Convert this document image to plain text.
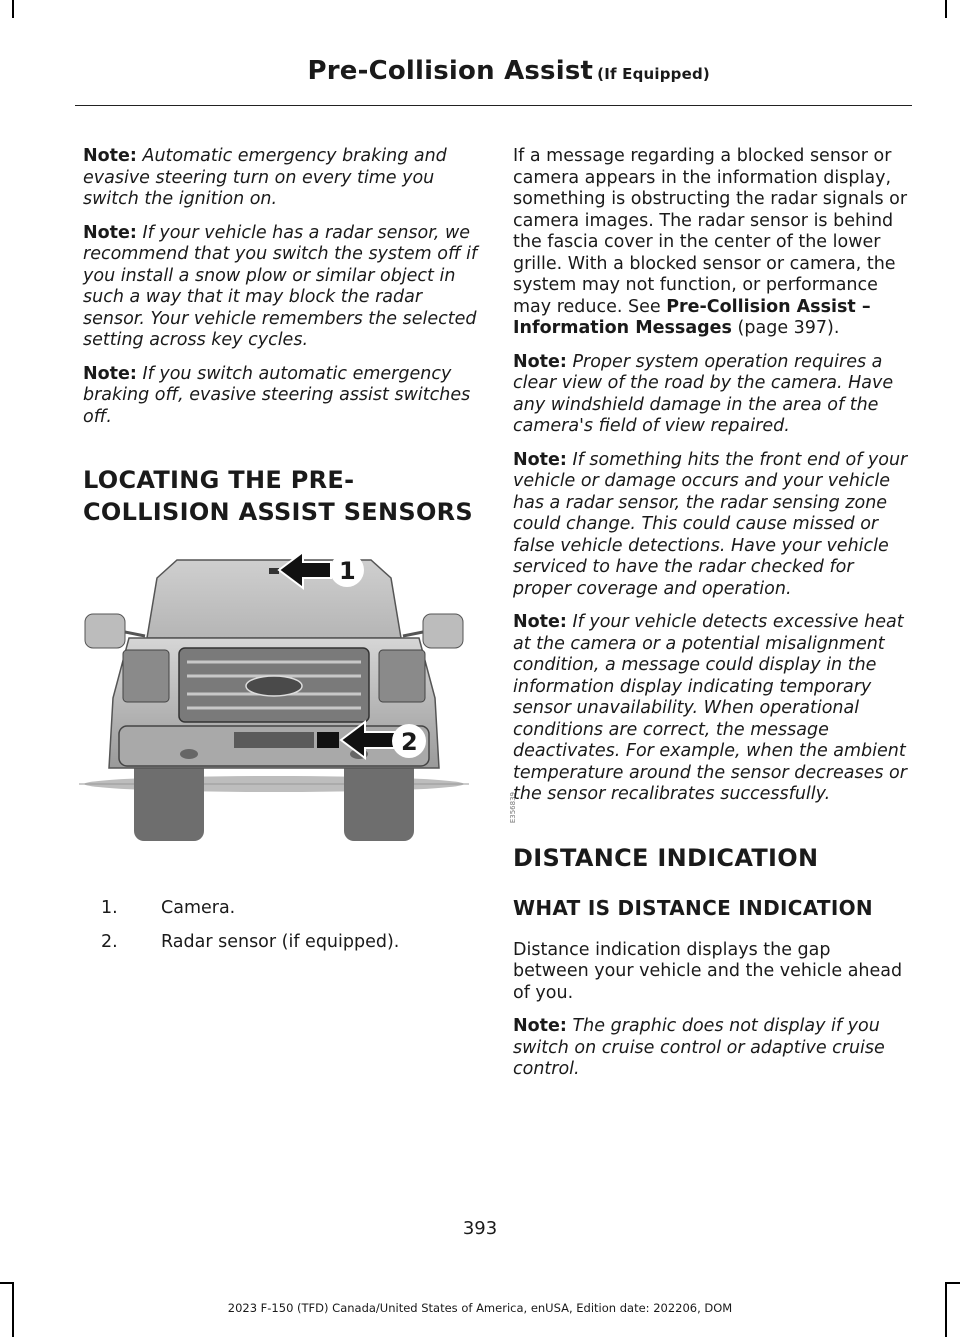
Pre-Collision Assist (If Equipped)

Note: Automatic emergency braking and evasive steering turn on every time you switch the ignition on.

Note: If your vehicle has a radar sensor, we recommend that you switch the system off if you install a snow plow or similar object in such a way that it may block the radar sensor. Your vehicle remembers the selected setting across key cycles.

Note: If you switch automatic emergency braking off, evasive steering assist switches off.

LOCATING THE PRE-COLLISION ASSIST SENSORS
1
2
E356839
1.	Camera.
2.	Radar sensor (if equipped).

If a message regarding a blocked sensor or camera appears in the information display, something is obstructing the radar signals or camera images. The radar sensor is behind the fascia cover in the center of the lower grille. With a blocked sensor or camera, the system may not function, or performance may reduce. See Pre-Collision Assist – Information Messages (page 397).

Note: Proper system operation requires a clear view of the road by the camera. Have any windshield damage in the area of the camera's field of view repaired.

Note: If something hits the front end of your vehicle or damage occurs and your vehicle has a radar sensor, the radar sensing zone could change. This could cause missed or false vehicle detections. Have your vehicle serviced to have the radar checked for proper coverage and operation.

Note: If your vehicle detects excessive heat at the camera or a potential misalignment condition, a message could display in the information display indicating temporary sensor unavailability. When operational conditions are correct, the message deactivates. For example, when the ambient temperature around the sensor decreases or the sensor recalibrates successfully.

DISTANCE INDICATION
WHAT IS DISTANCE INDICATION

Distance indication displays the gap between your vehicle and the vehicle ahead of you.

Note: The graphic does not display if you switch on cruise control or adaptive cruise control.

393
2023 F-150 (TFD) Canada/United States of America, enUSA, Edition date: 202206, DOM
